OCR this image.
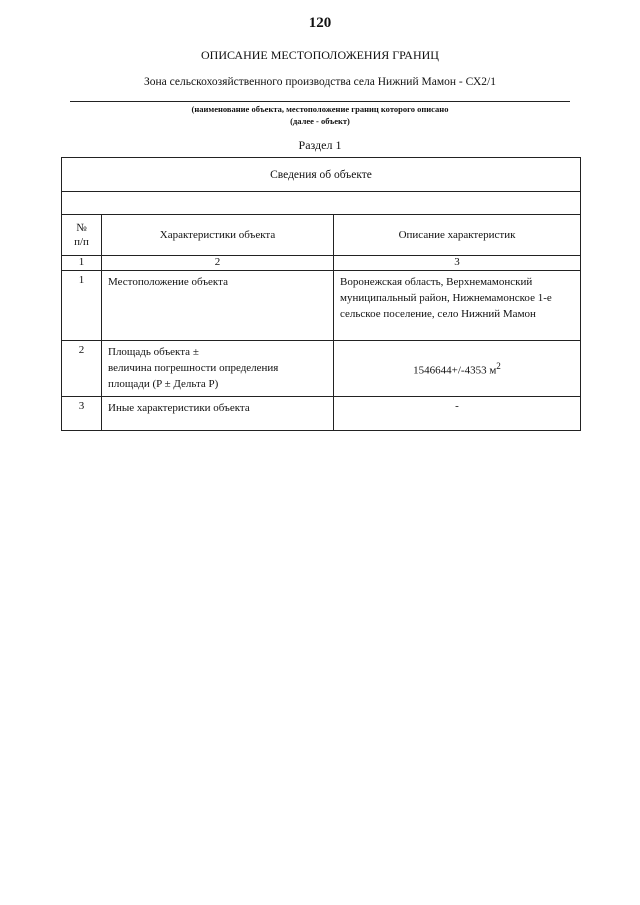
120
ОПИСАНИЕ МЕСТОПОЛОЖЕНИЯ ГРАНИЦ
Зона сельскохозяйственного производства села Нижний Мамон - СХ2/1
(наименование объекта, местоположение границ которого описано
(далее - объект)
Раздел 1
Сведения об объекте		

№
п/п	Характеристики объекта	Описание характеристик
1	2	3
1	Местоположение объекта	Воронежская область, Верхнемамонский муниципальный район, Нижнемамонское 1-е сельское поселение, село Нижний Мамон
2	Площадь объекта ±
величина погрешности определения
площади (P ± Дельта P)	1546644+/-4353 $м^2$
3	Иные характеристики объекта	-
